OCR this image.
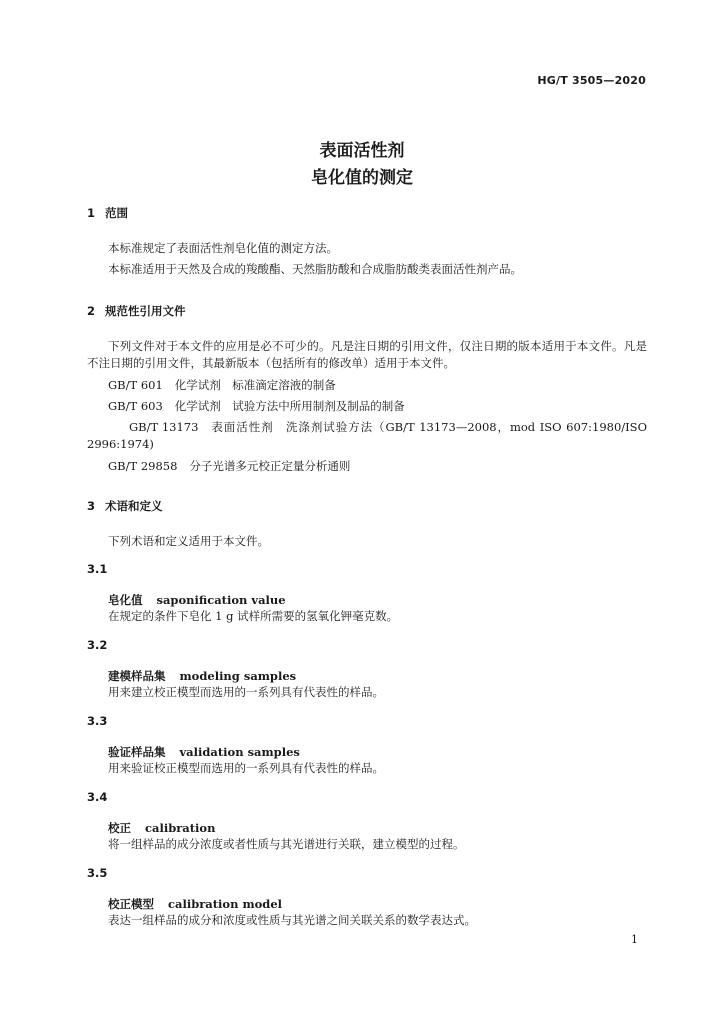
HG/T 3505—2020
表面活性剂
皂化值的测定
1 范围
本标准规定了表面活性剂皂化值的测定方法。
本标准适用于天然及合成的羧酸酯、天然脂肪酸和合成脂肪酸类表面活性剂产品。
2 规范性引用文件
下列文件对于本文件的应用是必不可少的。凡是注日期的引用文件，仅注日期的版本适用于本文件。凡是不注日期的引用文件，其最新版本（包括所有的修改单）适用于本文件。
GB/T 601 化学试剂　标准滴定溶液的制备
GB/T 603 化学试剂　试验方法中所用制剂及制品的制备
GB/T 13173 表面活性剂　洗涤剂试验方法（GB/T 13173—2008，mod ISO 607:1980/ISO 2996:1974)
GB/T 29858 分子光谱多元校正定量分析通则
3 术语和定义
下列术语和定义适用于本文件。
3.1
皂化值 saponification value
在规定的条件下皂化 1 g 试样所需要的氢氧化钾毫克数。
3.2
建模样品集 modeling samples
用来建立校正模型而选用的一系列具有代表性的样品。
3.3
验证样品集 validation samples
用来验证校正模型而选用的一系列具有代表性的样品。
3.4
校正 calibration
将一组样品的成分浓度或者性质与其光谱进行关联，建立模型的过程。
3.5
校正模型 calibration model
表达一组样品的成分和浓度或性质与其光谱之间关联关系的数学表达式。
1
